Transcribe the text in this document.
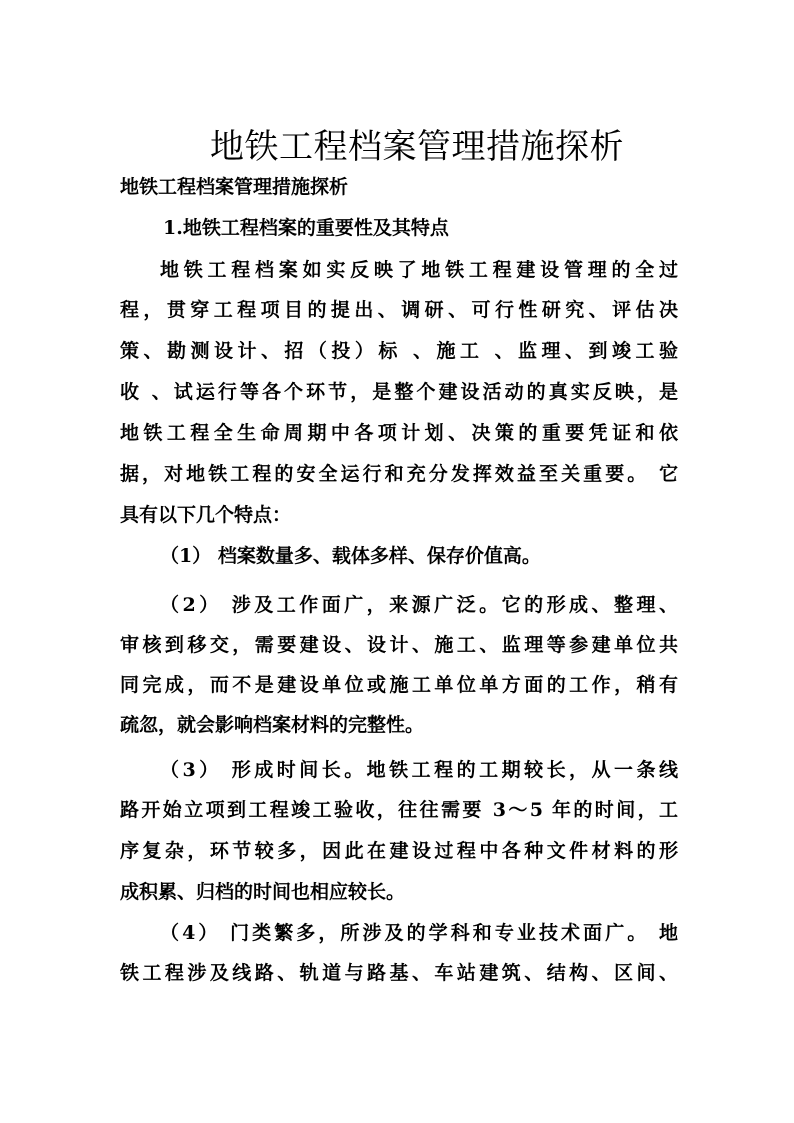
地铁工程档案管理措施探析
地铁工程档案管理措施探析
1.地铁工程档案的重要性及其特点
地铁工程档案如实反映了地铁工程建设管理的全过
程，贯穿工程项目的提出、调研、可行性研究、评估决
策、勘测设计、招（投）标 、施工 、监理、到竣工验
收 、试运行等各个环节，是整个建设活动的真实反映，是
地铁工程全生命周期中各项计划、决策的重要凭证和依
据，对地铁工程的安全运行和充分发挥效益至关重要。 它
具有以下几个特点：
（1） 档案数量多、载体多样、保存价值高。
（2） 涉及工作面广，来源广泛。它的形成、整理、
审核到移交，需要建设、设计、施工、监理等参建单位共
同完成，而不是建设单位或施工单位单方面的工作，稍有
疏忽，就会影响档案材料的完整性。
（3） 形成时间长。地铁工程的工期较长，从一条线
路开始立项到工程竣工验收，往往需要 3～5 年的时间，工
序复杂，环节较多，因此在建设过程中各种文件材料的形
成积累、归档的时间也相应较长。
（4） 门类繁多，所涉及的学科和专业技术面广。 地
铁工程涉及线路、轨道与路基、车站建筑、结构、区间、
